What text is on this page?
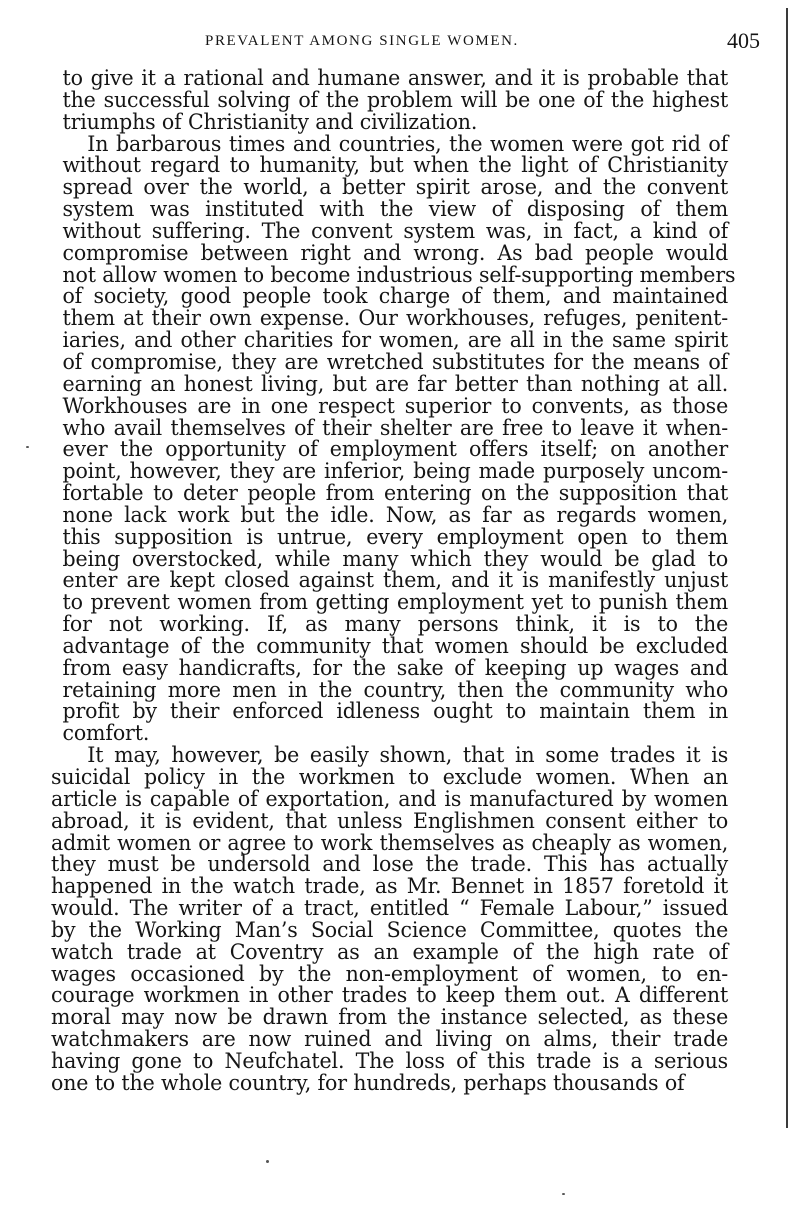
PREVALENT AMONG SINGLE WOMEN.	405
to give it a rational and humane answer, and it is probable that
the successful solving of the problem will be one of the highest
triumphs of Christianity and civilization.
In barbarous times and countries, the women were got rid of
without regard to humanity, but when the light of Christianity
spread over the world, a better spirit arose, and the convent
system was instituted with the view of disposing of them
without suffering. The convent system was, in fact, a kind of
compromise between right and wrong. As bad people would
not allow women to become industrious self-supporting members
of society, good people took charge of them, and maintained
them at their own expense. Our workhouses, refuges, penitent-
iaries, and other charities for women, are all in the same spirit
of compromise, they are wretched substitutes for the means of
earning an honest living, but are far better than nothing at all.
Workhouses are in one respect superior to convents, as those
who avail themselves of their shelter are free to leave it when-
ever the opportunity of employment offers itself; on another
point, however, they are inferior, being made purposely uncom-
fortable to deter people from entering on the supposition that
none lack work but the idle. Now, as far as regards women,
this supposition is untrue, every employment open to them
being overstocked, while many which they would be glad to
enter are kept closed against them, and it is manifestly unjust
to prevent women from getting employment yet to punish them
for not working. If, as many persons think, it is to the
advantage of the community that women should be excluded
from easy handicrafts, for the sake of keeping up wages and
retaining more men in the country, then the community who
profit by their enforced idleness ought to maintain them in
comfort.
It may, however, be easily shown, that in some trades it is
suicidal policy in the workmen to exclude women. When an
article is capable of exportation, and is manufactured by women
abroad, it is evident, that unless Englishmen consent either to
admit women or agree to work themselves as cheaply as women,
they must be undersold and lose the trade. This has actually
happened in the watch trade, as Mr. Bennet in 1857 foretold it
would. The writer of a tract, entitled “ Female Labour,” issued
by the Working Man’s Social Science Committee, quotes the
watch trade at Coventry as an example of the high rate of
wages occasioned by the non-employment of women, to en-
courage workmen in other trades to keep them out. A different
moral may now be drawn from the instance selected, as these
watchmakers are now ruined and living on alms, their trade
having gone to Neufchatel. The loss of this trade is a serious
one to the whole country, for hundreds, perhaps thousands of
